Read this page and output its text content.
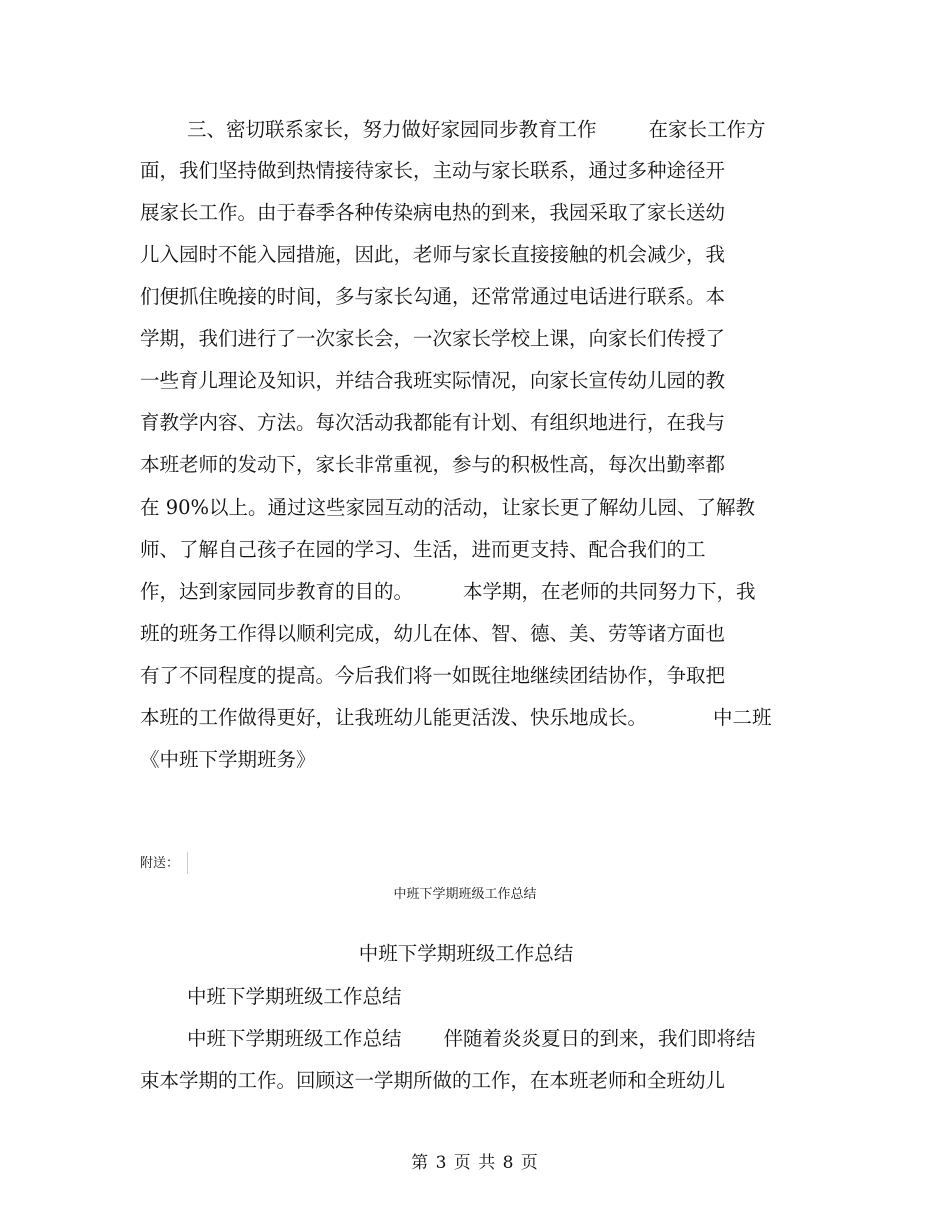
三、密切联系家长，努力做好家园同步教育工作	在家长工作方
面，我们坚持做到热情接待家长，主动与家长联系，通过多种途径开
展家长工作。由于春季各种传染病电热的到来，我园采取了家长送幼
儿入园时不能入园措施，因此，老师与家长直接接触的机会减少，我
们便抓住晚接的时间，多与家长勾通，还常常通过电话进行联系。本
学期，我们进行了一次家长会，一次家长学校上课，向家长们传授了
一些育儿理论及知识，并结合我班实际情况，向家长宣传幼儿园的教
育教学内容、方法。每次活动我都能有计划、有组织地进行，在我与
本班老师的发动下，家长非常重视，参与的积极性高，每次出勤率都
在 90%以上。通过这些家园互动的活动，让家长更了解幼儿园、了解教
师、了解自己孩子在园的学习、生活，进而更支持、配合我们的工
作，达到家园同步教育的目的。	本学期，在老师的共同努力下，我
班的班务工作得以顺利完成，幼儿在体、智、德、美、劳等诸方面也
有了不同程度的提高。今后我们将一如既往地继续团结协作，争取把
本班的工作做得更好，让我班幼儿能更活泼、快乐地成长。	中二班
《中班下学期班务》
附送：
中班下学期班级工作总结
中班下学期班级工作总结
中班下学期班级工作总结
中班下学期班级工作总结 伴随着炎炎夏日的到来，我们即将结
束本学期的工作。回顾这一学期所做的工作，在本班老师和全班幼儿
第 3 页 共 8 页
